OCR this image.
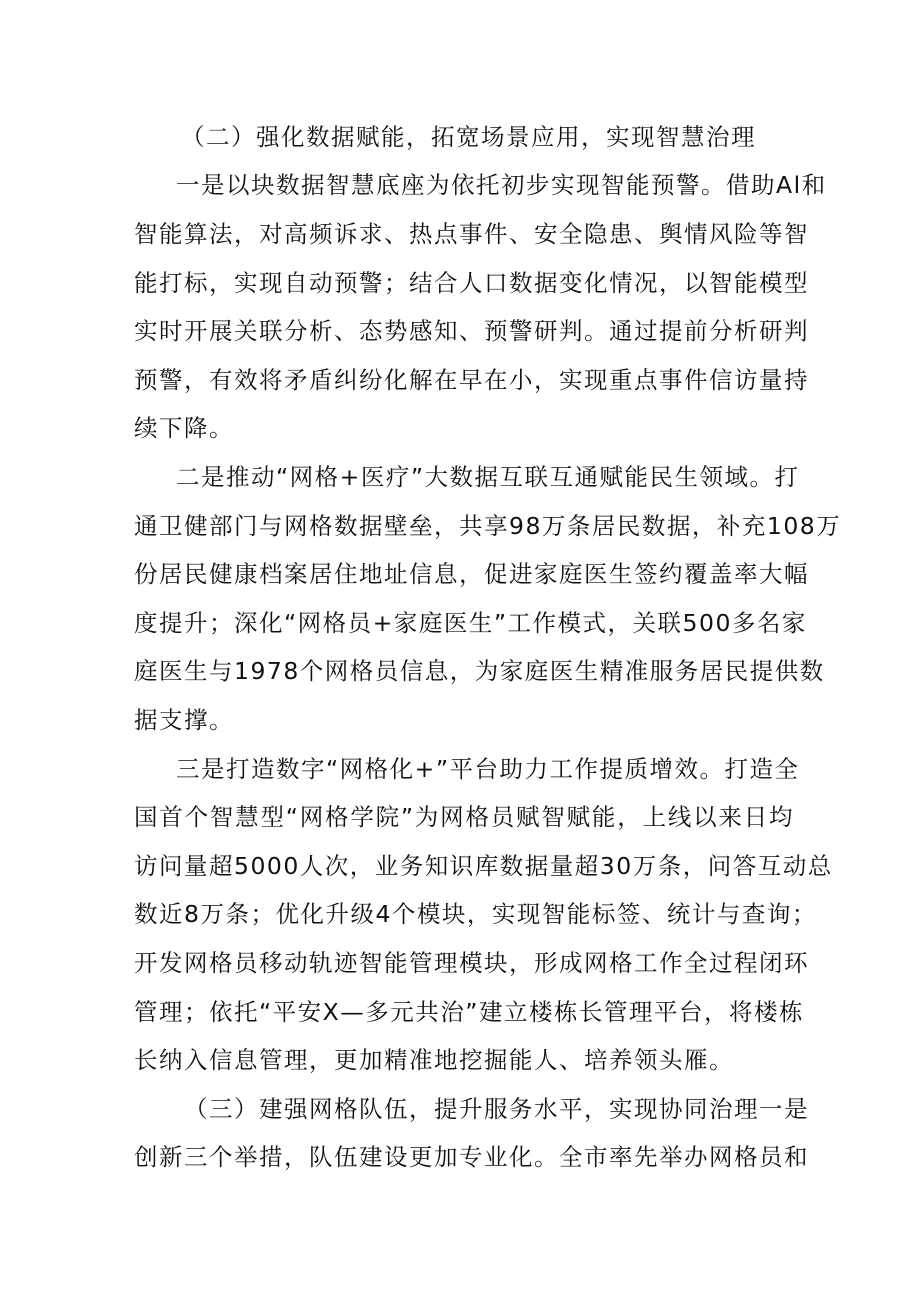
（二）强化数据赋能，拓宽场景应用，实现智慧治理
一是以块数据智慧底座为依托初步实现智能预警。借助Al和
智能算法，对高频诉求、热点事件、安全隐患、舆情风险等智
能打标，实现自动预警；结合人口数据变化情况，以智能模型
实时开展关联分析、态势感知、预警研判。通过提前分析研判
预警，有效将矛盾纠纷化解在早在小，实现重点事件信访量持
续下降。
二是推动“网格+医疗”大数据互联互通赋能民生领域。打
通卫健部门与网格数据壁垒，共享98万条居民数据，补充108万
份居民健康档案居住地址信息，促进家庭医生签约覆盖率大幅
度提升；深化“网格员+家庭医生”工作模式，关联500多名家
庭医生与1978个网格员信息，为家庭医生精准服务居民提供数
据支撑。
三是打造数字“网格化+”平台助力工作提质增效。打造全
国首个智慧型“网格学院”为网格员赋智赋能，上线以来日均
访问量超5000人次，业务知识库数据量超30万条，问答互动总
数近8万条；优化升级4个模块，实现智能标签、统计与查询；
开发网格员移动轨迹智能管理模块，形成网格工作全过程闭环
管理；依托“平安X—多元共治”建立楼栋长管理平台，将楼栋
长纳入信息管理，更加精准地挖掘能人、培养领头雁。
（三）建强网格队伍，提升服务水平，实现协同治理一是
创新三个举措，队伍建设更加专业化。全市率先举办网格员和
